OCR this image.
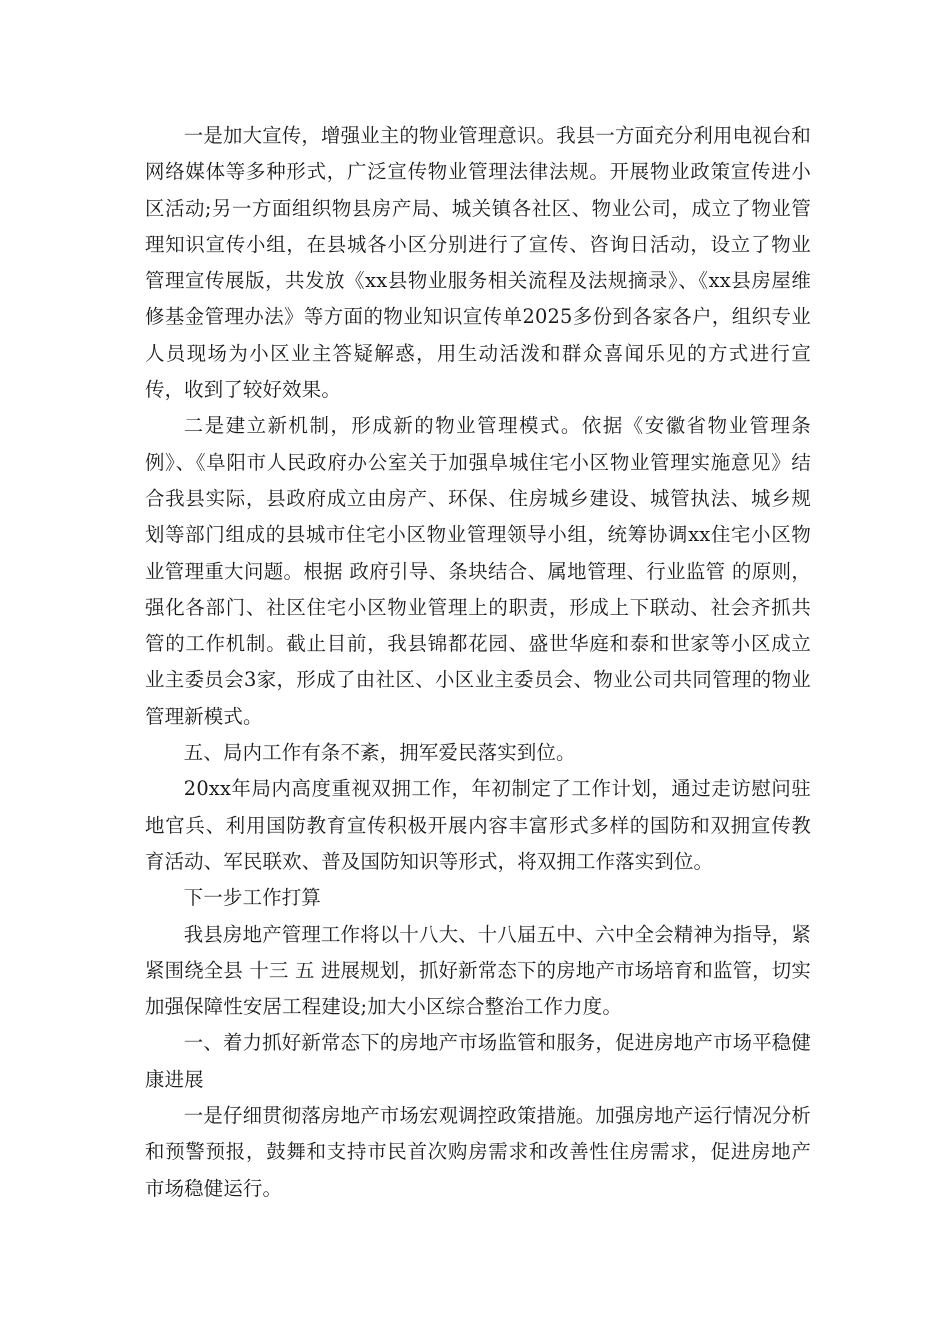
一是加大宣传，增强业主的物业管理意识。我县一方面充分利用电视台和网络媒体等多种形式，广泛宣传物业管理法律法规。开展物业政策宣传进小区活动;另一方面组织物县房产局、城关镇各社区、物业公司，成立了物业管理知识宣传小组，在县城各小区分别进行了宣传、咨询日活动，设立了物业管理宣传展版，共发放《xx县物业服务相关流程及法规摘录》、《xx县房屋维修基金管理办法》等方面的物业知识宣传单2025多份到各家各户，组织专业人员现场为小区业主答疑解惑，用生动活泼和群众喜闻乐见的方式进行宣传，收到了较好效果。

二是建立新机制，形成新的物业管理模式。依据《安徽省物业管理条例》、《阜阳市人民政府办公室关于加强阜城住宅小区物业管理实施意见》结合我县实际，县政府成立由房产、环保、住房城乡建设、城管执法、城乡规划等部门组成的县城市住宅小区物业管理领导小组，统筹协调xx住宅小区物业管理重大问题。根据 政府引导、条块结合、属地管理、行业监管 的原则，强化各部门、社区住宅小区物业管理上的职责，形成上下联动、社会齐抓共管的工作机制。截止目前，我县锦都花园、盛世华庭和泰和世家等小区成立业主委员会3家，形成了由社区、小区业主委员会、物业公司共同管理的物业管理新模式。

五、局内工作有条不紊，拥军爱民落实到位。

20xx年局内高度重视双拥工作，年初制定了工作计划，通过走访慰问驻地官兵、利用国防教育宣传积极开展内容丰富形式多样的国防和双拥宣传教育活动、军民联欢、普及国防知识等形式，将双拥工作落实到位。

下一步工作打算

我县房地产管理工作将以十八大、十八届五中、六中全会精神为指导，紧紧围绕全县 十三 五 进展规划，抓好新常态下的房地产市场培育和监管，切实加强保障性安居工程建设;加大小区综合整治工作力度。

一、着力抓好新常态下的房地产市场监管和服务，促进房地产市场平稳健康进展

一是仔细贯彻落房地产市场宏观调控政策措施。加强房地产运行情况分析和预警预报，鼓舞和支持市民首次购房需求和改善性住房需求，促进房地产市场稳健运行。
